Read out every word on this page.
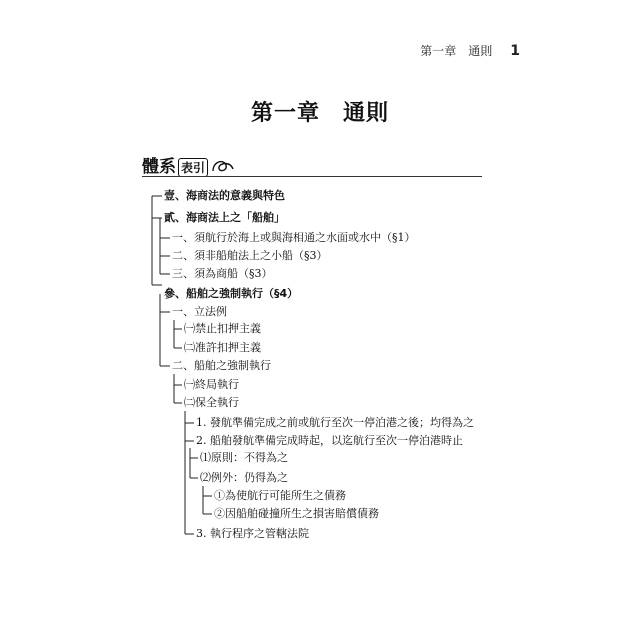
第一章　通則 1
第一章　通則
體系 表引
壹、海商法的意義與特色
貳、海商法上之「船舶」
一、須航行於海上或與海相通之水面或水中（§1）
二、須非船舶法上之小船（§3）
三、須為商船（§3）
參、船舶之強制執行（§4）
一、立法例
㈠禁止扣押主義
㈡准許扣押主義
二、船舶之強制執行
㈠終局執行
㈡保全執行
1. 發航準備完成之前或航行至次一停泊港之後；均得為之
2. 船舶發航準備完成時起，以迄航行至次一停泊港時止
⑴原則：不得為之
⑵例外：仍得為之
①為使航行可能所生之債務
②因船舶碰撞所生之損害賠償債務
3. 執行程序之管轄法院
